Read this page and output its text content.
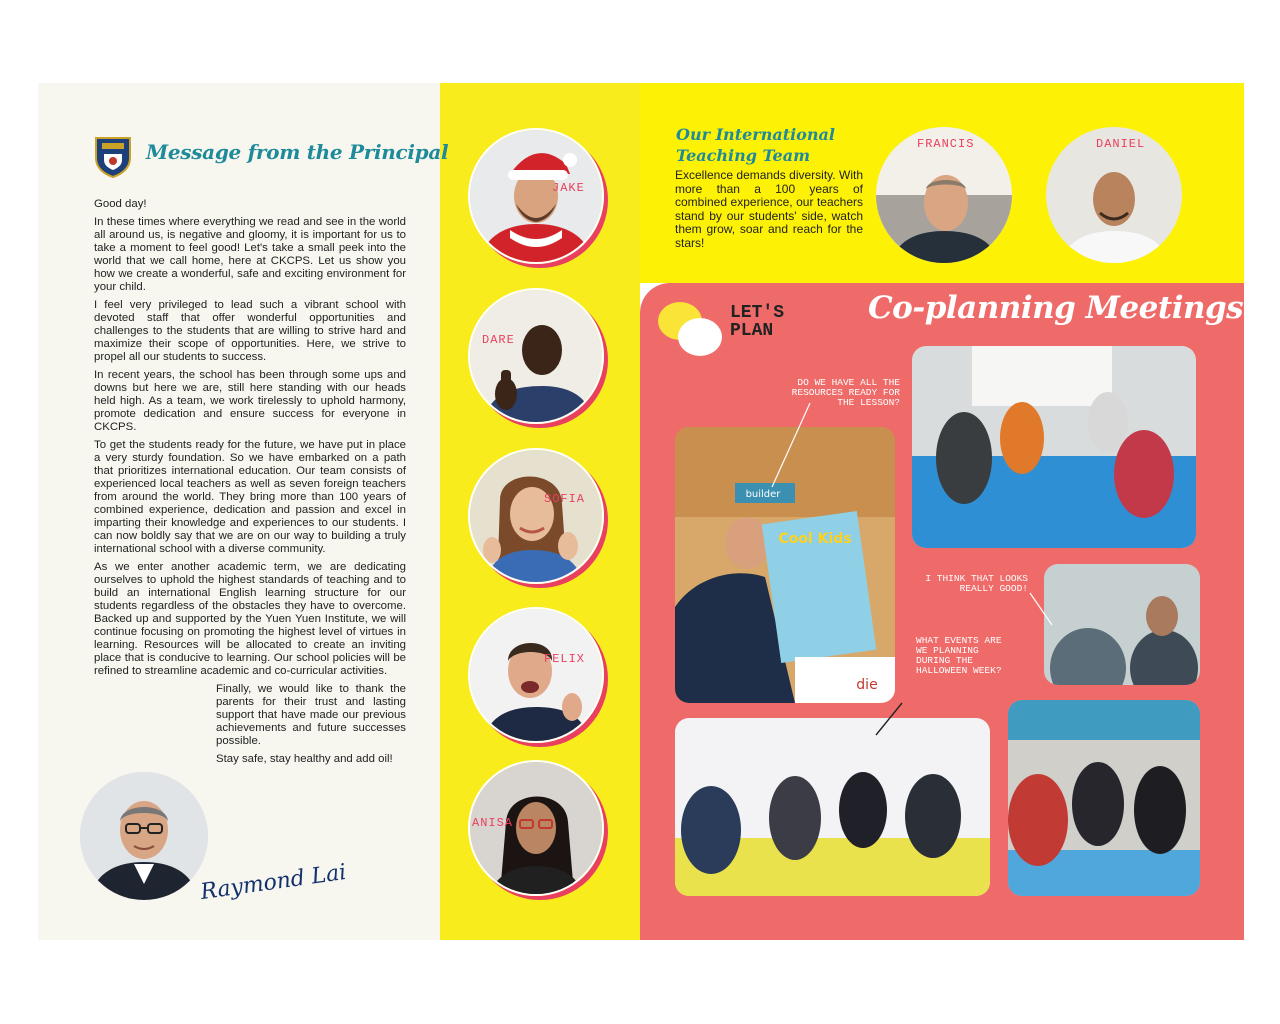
Message from the Principal

Good day!

In these times where everything we read and see in the world all around us, is negative and gloomy, it is important for us to take a moment to feel good! Let's take a small peek into the world that we call home, here at CKCPS. Let us show you how we create a wonderful, safe and exciting environment for your child.

I feel very privileged to lead such a vibrant school with devoted staff that offer wonderful opportunities and challenges to the students that are willing to strive hard and maximize their scope of opportunities. Here, we strive to propel all our students to success.

In recent years, the school has been through some ups and downs but here we are, still here standing with our heads held high. As a team, we work tirelessly to uphold harmony, promote dedication and ensure success for everyone in CKCPS.

To get the students ready for the future, we have put in place a very sturdy foundation. So we have embarked on a path that prioritizes international education. Our team consists of experienced local teachers as well as seven foreign teachers from around the world. They bring more than 100 years of combined experience, dedication and passion and excel in imparting their knowledge and experiences to our students. I can now boldly say that we are on our way to building a truly international school with a diverse community.

As we enter another academic term, we are dedicating ourselves to uphold the highest standards of teaching and to build an international English learning structure for our students regardless of the obstacles they have to overcome. Backed up and supported by the Yuen Yuen Institute, we will continue focusing on promoting the highest level of virtues in learning. Resources will be allocated to create an inviting place that is conducive to learning. Our school policies will be refined to streamline academic and co-curricular activities.

Finally, we would like to thank the parents for their trust and lasting support that have made our previous achievements and future successes possible.

Stay safe, stay healthy and add oil!

Raymond Lai
JAKE
DARE
SOFIA
FELIX
ANISA
Our International
Teaching Team
Excellence demands diversity. With more than a 100 years of combined experience, our teachers stand by our students' side, watch them grow, soar and reach for the stars!
FRANCIS	DANIEL
LET'S
PLAN
Co-planning Meetings
builder
Cool Kids
die
DO WE HAVE ALL THE RESOURCES READY FOR THE LESSON?
I THINK THAT LOOKS REALLY GOOD!
WHAT EVENTS ARE WE PLANNING DURING THE HALLOWEEN WEEK?
